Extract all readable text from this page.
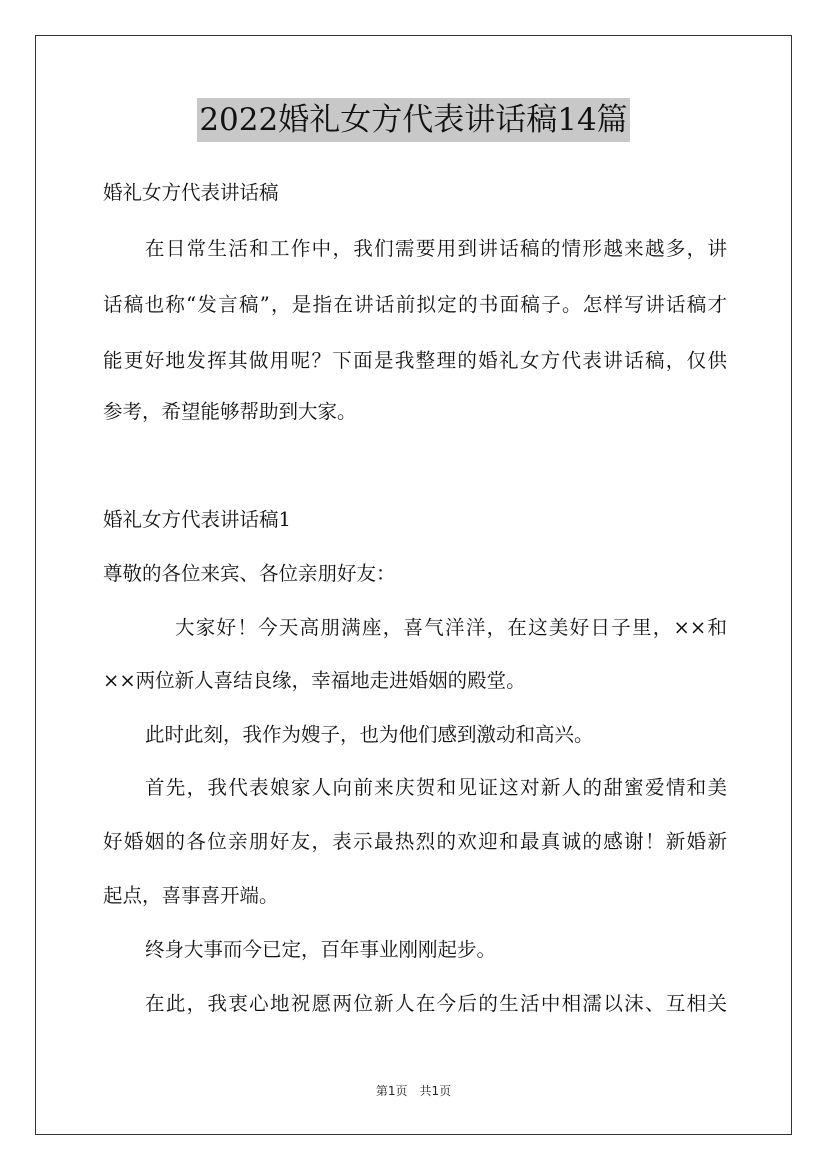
2022婚礼女方代表讲话稿14篇
婚礼女方代表讲话稿
在日常生活和工作中，我们需要用到讲话稿的情形越来越多，讲
话稿也称“发言稿”，是指在讲话前拟定的书面稿子。怎样写讲话稿才
能更好地发挥其做用呢？下面是我整理的婚礼女方代表讲话稿，仅供
参考，希望能够帮助到大家。
婚礼女方代表讲话稿1
尊敬的各位来宾、各位亲朋好友：
大家好！今天高朋满座，喜气洋洋，在这美好日子里，××和
××两位新人喜结良缘，幸福地走进婚姻的殿堂。
此时此刻，我作为嫂子，也为他们感到激动和高兴。
首先，我代表娘家人向前来庆贺和见证这对新人的甜蜜爱情和美
好婚姻的各位亲朋好友，表示最热烈的欢迎和最真诚的感谢！新婚新
起点，喜事喜开端。
终身大事而今已定，百年事业刚刚起步。
在此，我衷心地祝愿两位新人在今后的生活中相濡以沫、互相关
第1页　共1页
